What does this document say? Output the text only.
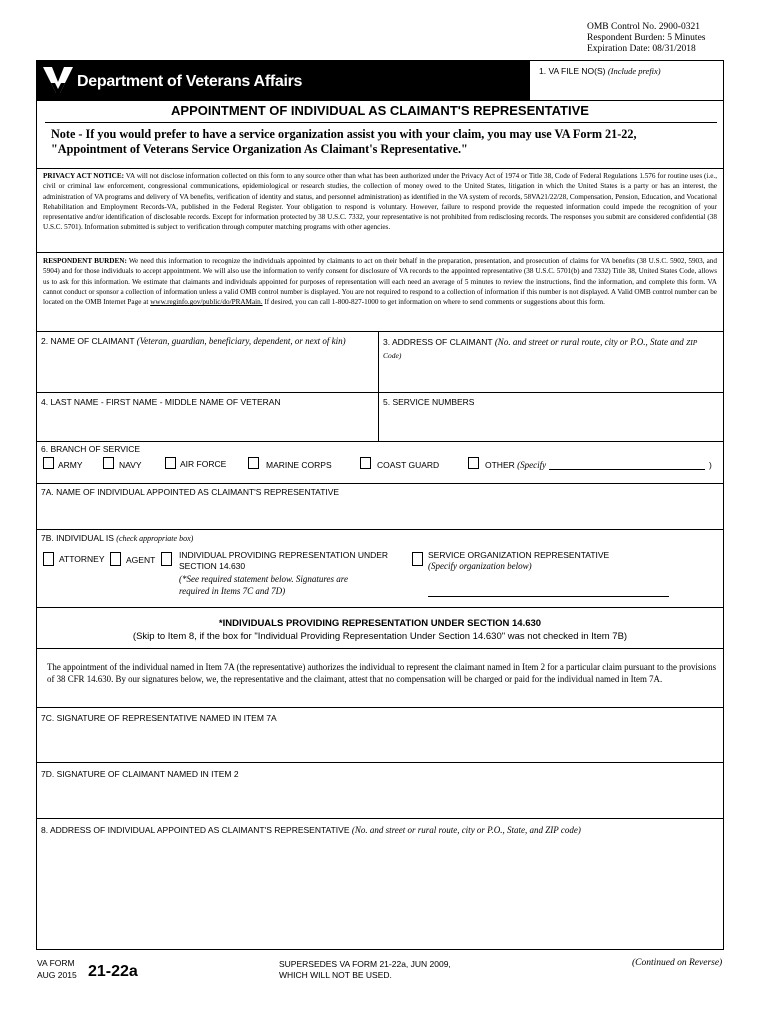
OMB Control No. 2900-0321
Respondent Burden: 5 Minutes
Expiration Date: 08/31/2018
Department of Veterans Affairs
1. VA FILE NO(S) (Include prefix)
APPOINTMENT OF INDIVIDUAL AS CLAIMANT'S REPRESENTATIVE
Note - If you would prefer to have a service organization assist you with your claim, you may use VA Form 21-22,
"Appointment of Veterans Service Organization As Claimant's Representative."
PRIVACY ACT NOTICE: VA will not disclose information collected on this form to any source other than what has been authorized under the Privacy Act of 1974 or Title 38, Code of Federal Regulations 1.576 for routine uses (i.e., civil or criminal law enforcement, congressional communications, epidemiological or research studies, the collection of money owed to the United States, litigation in which the United States is a party or has an interest, the administration of VA programs and delivery of VA benefits, verification of identity and status, and personnel administration) as identified in the VA system of records, 58VA21/22/28, Compensation, Pension, Education, and Vocational Rehabilitation and Employment Records-VA, published in the Federal Register. Your obligation to respond is voluntary. However, failure to respond provide the requested information could impede the recognition of your representative and/or identification of disclosable records. Except for information protected by 38 U.S.C. 7332, your representative is not prohibited from redisclosing records. The responses you submit are considered confidential (38 U.S.C. 5701). Information submitted is subject to verification through computer matching programs with other agencies.
RESPONDENT BURDEN: We need this information to recognize the individuals appointed by claimants to act on their behalf in the preparation, presentation, and prosecution of claims for VA benefits (38 U.S.C. 5902, 5903, and 5904) and for those individuals to accept appointment. We will also use the information to verify consent for disclosure of VA records to the appointed representative (38 U.S.C. 5701(b) and 7332) Title 38, United States Code, allows us to ask for this information. We estimate that claimants and individuals appointed for purposes of representation will each need an average of 5 minutes to review the instructions, find the information, and complete this form. VA cannot conduct or sponsor a collection of information unless a valid OMB control number is displayed. You are not required to respond to a collection of information if this number is not displayed. A Valid OMB control number can be located on the OMB Internet Page at www.reginfo.gov/public/do/PRAMain. If desired, you can call 1-800-827-1000 to get information on where to send comments or suggestions about this form.
2. NAME OF CLAIMANT (Veteran, guardian, beneficiary, dependent, or next of kin)	3. ADDRESS OF CLAIMANT (No. and street or rural route, city or P.O., State and ZIP
Code)
4. LAST NAME - FIRST NAME - MIDDLE NAME OF VETERAN	5. SERVICE NUMBERS
6. BRANCH OF SERVICE
ARMY	NAVY	AIR FORCE	MARINE CORPS	COAST GUARD	OTHER (Specify	)
7A. NAME OF INDIVIDUAL APPOINTED AS CLAIMANT'S REPRESENTATIVE
7B. INDIVIDUAL IS (check appropriate box)
ATTORNEY	AGENT	INDIVIDUAL PROVIDING REPRESENTATION UNDER
SECTION 14.630
(*See required statement below. Signatures are
required in Items 7C and 7D)
SERVICE ORGANIZATION REPRESENTATIVE
(Specify organization below)
*INDIVIDUALS PROVIDING REPRESENTATION UNDER SECTION 14.630
(Skip to Item 8, if the box for "Individual Providing Representation Under Section 14.630" was not checked in Item 7B)
The appointment of the individual named in Item 7A (the representative) authorizes the individual to represent the claimant named in Item 2 for a particular claim pursuant to the provisions of 38 CFR 14.630. By our signatures below, we, the representative and the claimant, attest that no compensation will be charged or paid for the individual named in Item 7A.
7C. SIGNATURE OF REPRESENTATIVE NAMED IN ITEM 7A
7D. SIGNATURE OF CLAIMANT NAMED IN ITEM 2
8. ADDRESS OF INDIVIDUAL APPOINTED AS CLAIMANT'S REPRESENTATIVE (No. and street or rural route, city or P.O., State, and ZIP code)
VA FORM
AUG 2015 21-22a	SUPERSEDES VA FORM 21-22a, JUN 2009,
WHICH WILL NOT BE USED.
(Continued on Reverse)
